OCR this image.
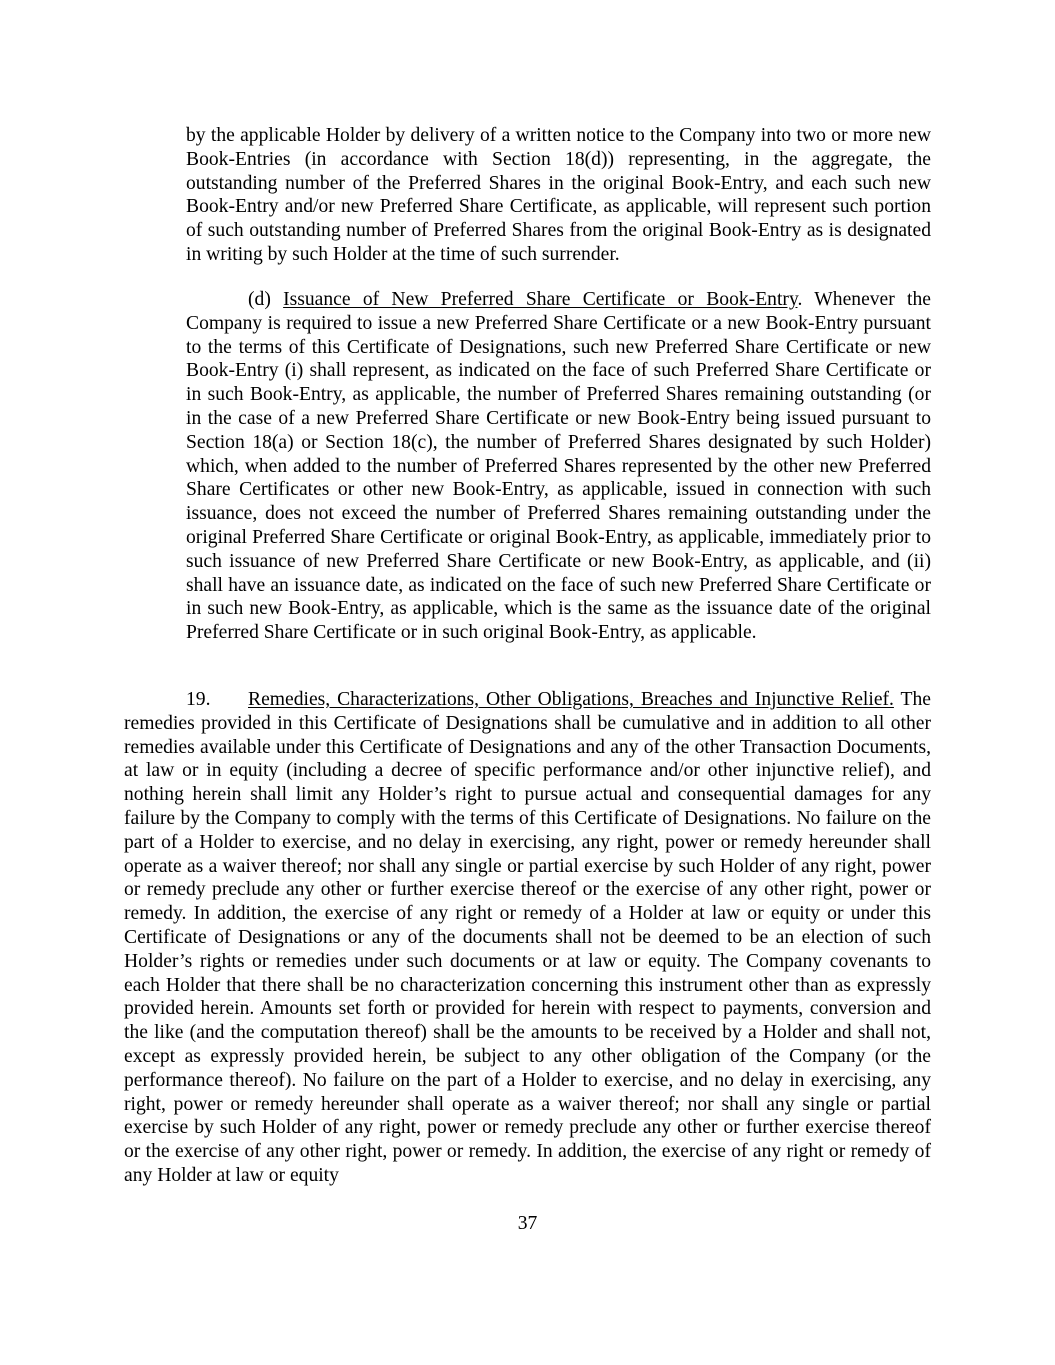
by the applicable Holder by delivery of a written notice to the Company into two or more new Book-Entries (in accordance with Section 18(d)) representing, in the aggregate, the outstanding number of the Preferred Shares in the original Book-Entry, and each such new Book-Entry and/or new Preferred Share Certificate, as applicable, will represent such portion of such outstanding number of Preferred Shares from the original Book-Entry as is designated in writing by such Holder at the time of such surrender.

(d) Issuance of New Preferred Share Certificate or Book-Entry. Whenever the Company is required to issue a new Preferred Share Certificate or a new Book-Entry pursuant to the terms of this Certificate of Designations, such new Preferred Share Certificate or new Book-Entry (i) shall represent, as indicated on the face of such Preferred Share Certificate or in such Book-Entry, as applicable, the number of Preferred Shares remaining outstanding (or in the case of a new Preferred Share Certificate or new Book-Entry being issued pursuant to Section 18(a) or Section 18(c), the number of Preferred Shares designated by such Holder) which, when added to the number of Preferred Shares represented by the other new Preferred Share Certificates or other new Book-Entry, as applicable, issued in connection with such issuance, does not exceed the number of Preferred Shares remaining outstanding under the original Preferred Share Certificate or original Book-Entry, as applicable, immediately prior to such issuance of new Preferred Share Certificate or new Book-Entry, as applicable, and (ii) shall have an issuance date, as indicated on the face of such new Preferred Share Certificate or in such new Book-Entry, as applicable, which is the same as the issuance date of the original Preferred Share Certificate or in such original Book-Entry, as applicable.

19. Remedies, Characterizations, Other Obligations, Breaches and Injunctive Relief. The remedies provided in this Certificate of Designations shall be cumulative and in addition to all other remedies available under this Certificate of Designations and any of the other Transaction Documents, at law or in equity (including a decree of specific performance and/or other injunctive relief), and nothing herein shall limit any Holder’s right to pursue actual and consequential damages for any failure by the Company to comply with the terms of this Certificate of Designations. No failure on the part of a Holder to exercise, and no delay in exercising, any right, power or remedy hereunder shall operate as a waiver thereof; nor shall any single or partial exercise by such Holder of any right, power or remedy preclude any other or further exercise thereof or the exercise of any other right, power or remedy. In addition, the exercise of any right or remedy of a Holder at law or equity or under this Certificate of Designations or any of the documents shall not be deemed to be an election of such Holder’s rights or remedies under such documents or at law or equity. The Company covenants to each Holder that there shall be no characterization concerning this instrument other than as expressly provided herein. Amounts set forth or provided for herein with respect to payments, conversion and the like (and the computation thereof) shall be the amounts to be received by a Holder and shall not, except as expressly provided herein, be subject to any other obligation of the Company (or the performance thereof). No failure on the part of a Holder to exercise, and no delay in exercising, any right, power or remedy hereunder shall operate as a waiver thereof; nor shall any single or partial exercise by such Holder of any right, power or remedy preclude any other or further exercise thereof or the exercise of any other right, power or remedy. In addition, the exercise of any right or remedy of any Holder at law or equity

37
